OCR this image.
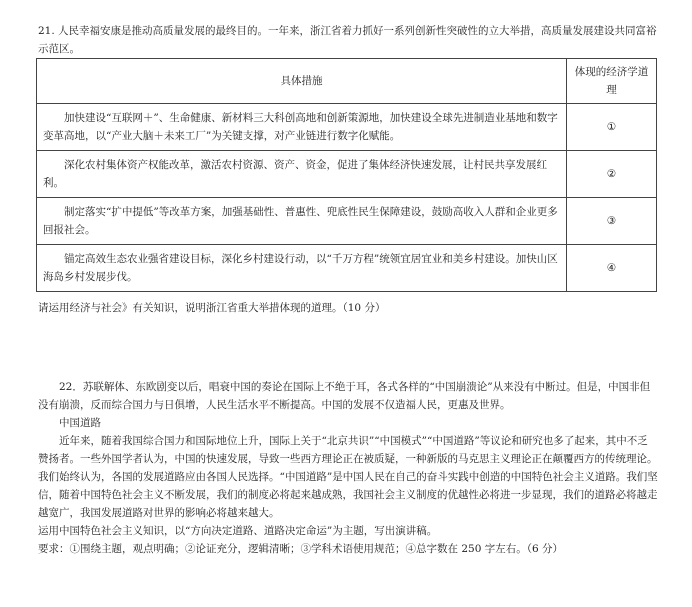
21. 人民幸福安康是推动高质量发展的最终目的。一年来，浙江省着力抓好一系列创新性突破性的立大举措，高质量发展建设共同富裕示范区。
具体措施	体现的经济学道理
加快建设“互联网＋”、生命健康、新材料三大科创高地和创新策源地，加快建设全球先进制造业基地和数字变革高地，以“产业大脑＋未来工厂”为关键支撑，对产业链进行数字化赋能。	①
深化农村集体资产权能改革，激活农村资源、资产、资金，促进了集体经济快速发展，让村民共享发展红利。	②
制定落实“扩中提低”等改革方案，加强基础性、普惠性、兜底性民生保障建设，鼓励高收入人群和企业更多回报社会。	③
锚定高效生态农业强省建设目标，深化乡村建设行动，以“千万方程”统领宜居宜业和美乡村建设。加快山区海岛乡村发展步伐。	④
请运用经济与社会》有关知识，说明浙江省重大举措体现的道理。（10 分）

22．苏联解体、东欧剧变以后，唱衰中国的奏论在国际上不绝于耳，各式各样的“中国崩溃论”从来没有中断过。但是，中国非但没有崩溃，反而综合国力与日俱增，人民生活水平不断提高。中国的发展不仅造福人民，更惠及世界。

中国道路

近年来，随着我国综合国力和国际地位上升，国际上关于“北京共识”“中国模式”“中国道路”等议论和研究也多了起来，其中不乏赞扬者。一些外国学者认为，中国的快速发展，导致一些西方理论正在被质疑，一种新版的马克思主义理论正在颠覆西方的传统理论。我们始终认为，各国的发展道路应由各国人民选择。“中国道路”是中国人民在自己的奋斗实践中创造的中国特色社会主义道路。我们坚信，随着中国特色社会主义不断发展，我们的制度必将起来越成熟，我国社会主义制度的优越性必将进一步显现，我们的道路必将越走越宽广，我国发展道路对世界的影响必将越来越大。

运用中国特色社会主义知识，以“方向决定道路、道路决定命运”为主题，写出演讲稿。

要求：①围绕主题，观点明确；②论证充分，逻辑清晰；③学科术语使用规范；④总字数在 250 字左右。（6 分）
